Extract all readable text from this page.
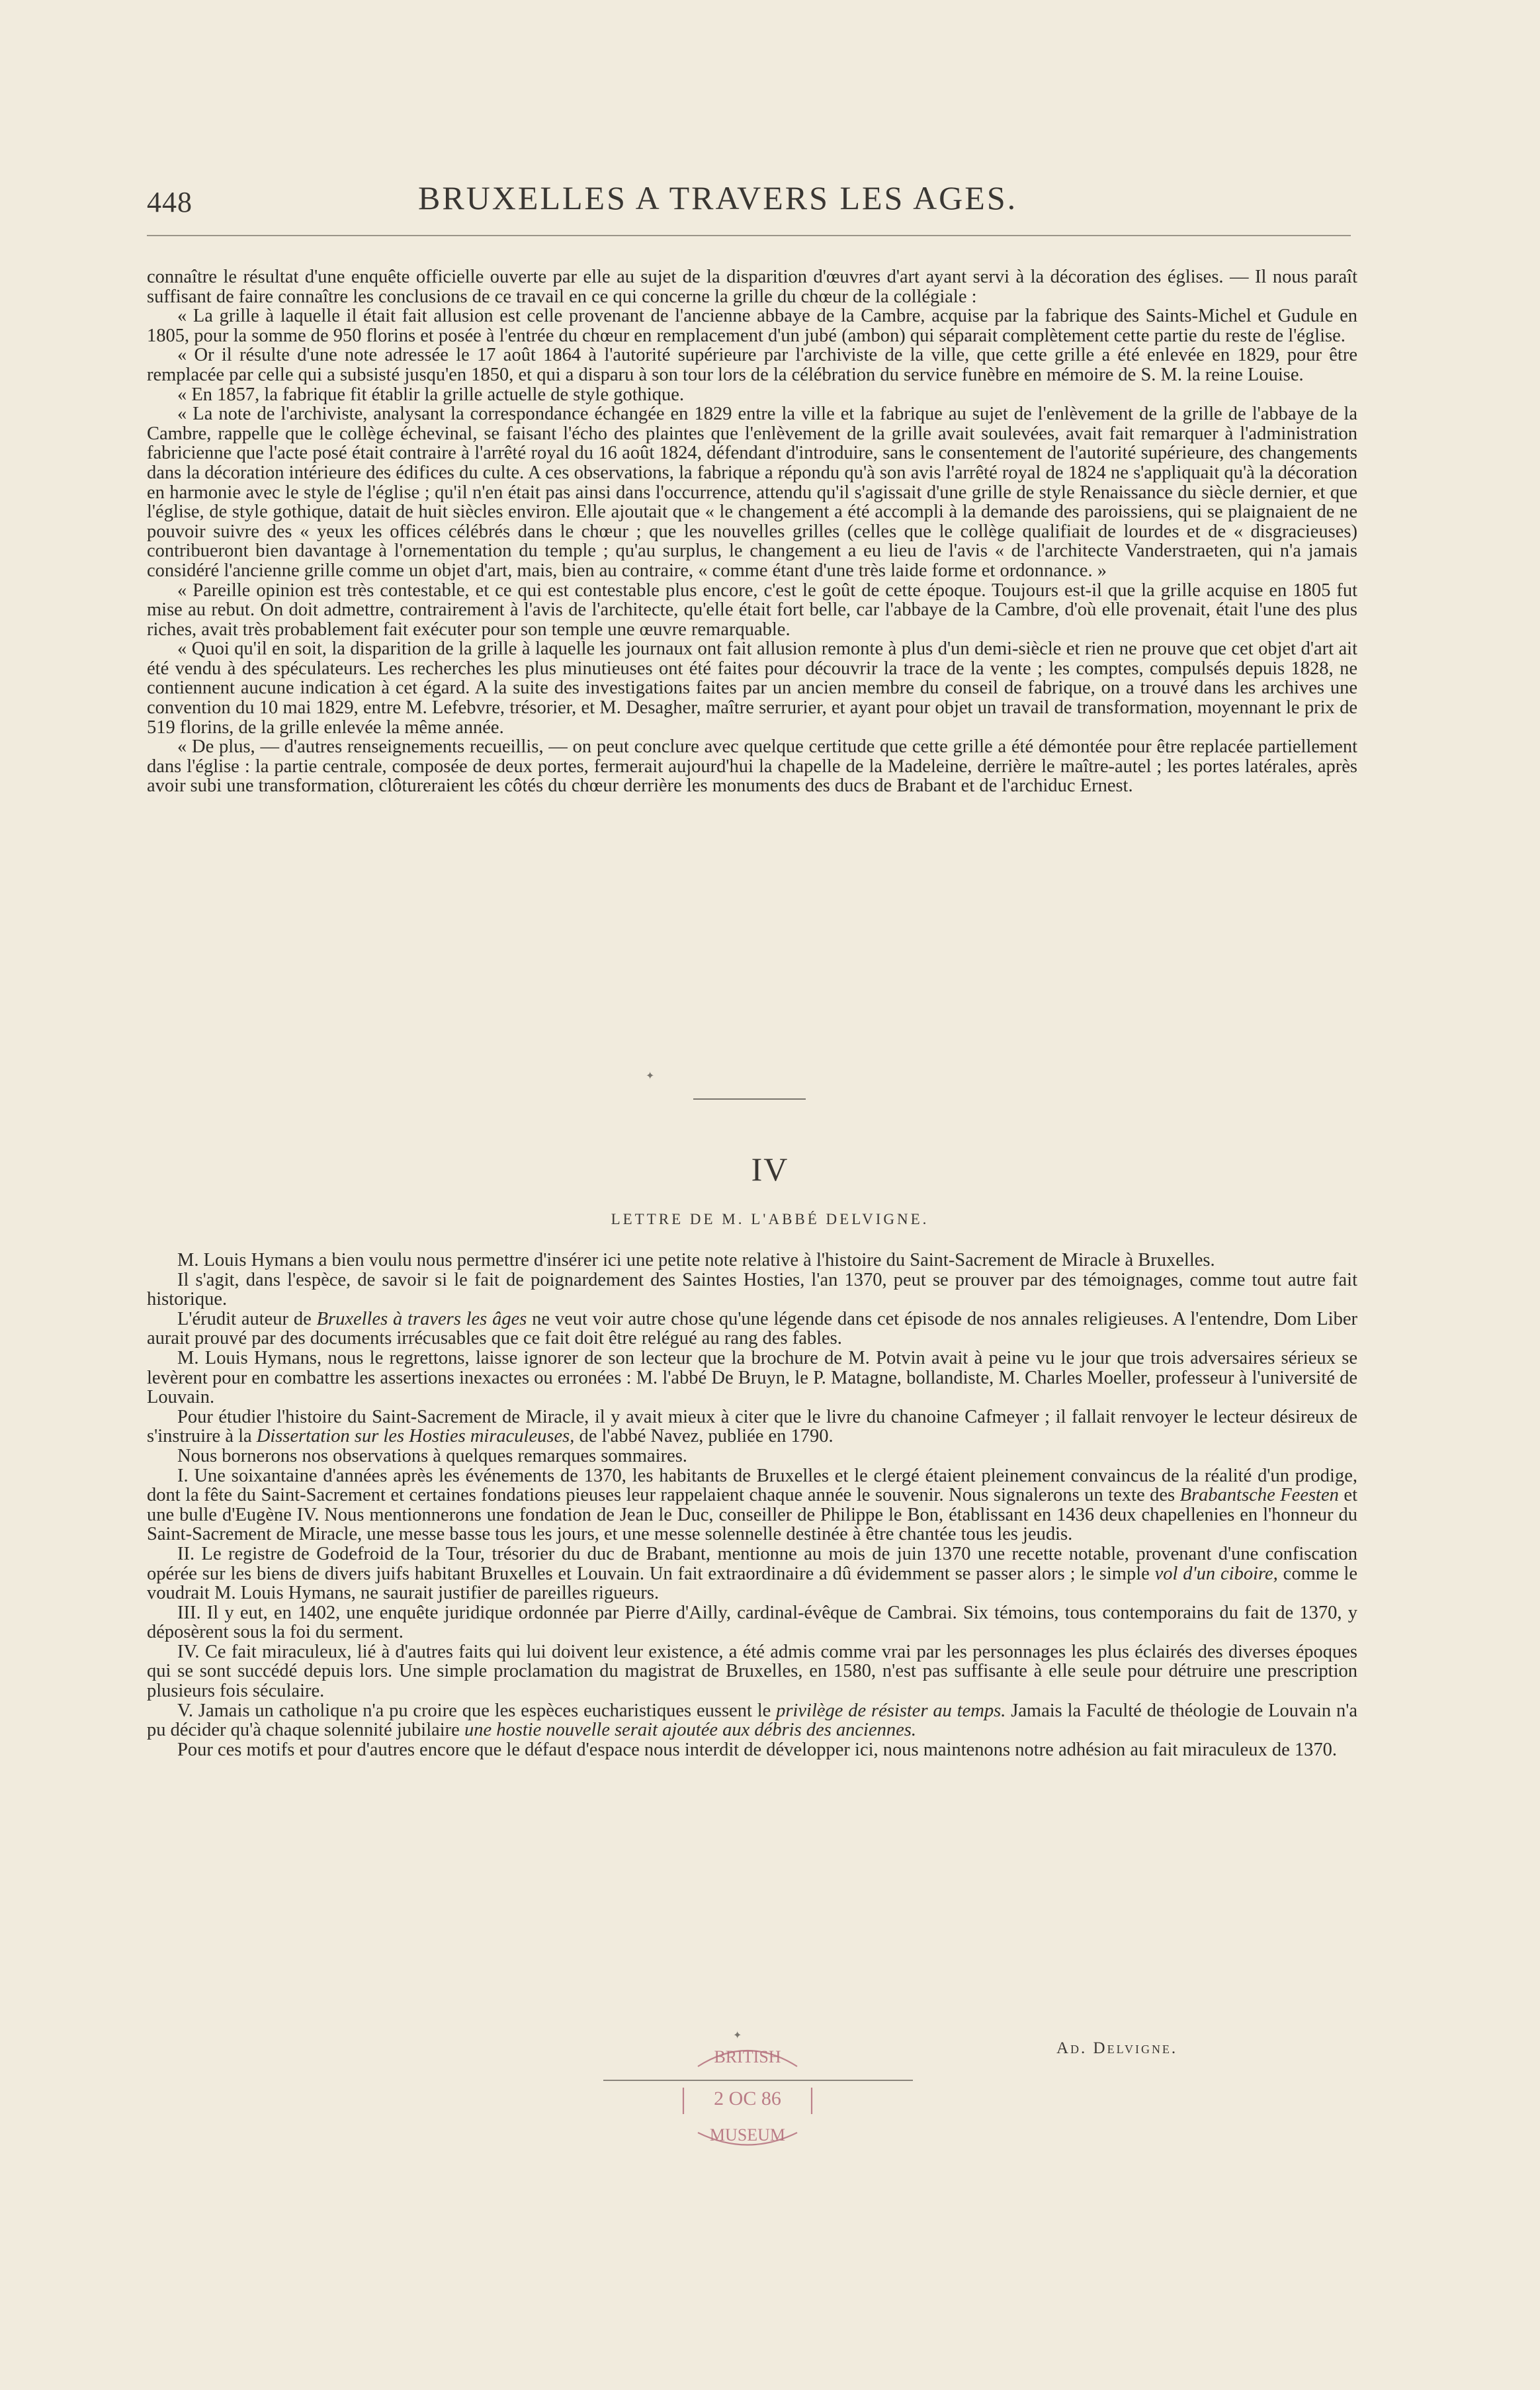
448	BRUXELLES A TRAVERS LES AGES.

connaître le résultat d'une enquête officielle ouverte par elle au sujet de la disparition d'œuvres d'art ayant servi à la décoration des églises. — Il nous paraît suffisant de faire connaître les conclusions de ce travail en ce qui concerne la grille du chœur de la collégiale :

« La grille à laquelle il était fait allusion est celle provenant de l'ancienne abbaye de la Cambre, acquise par la fabrique des Saints-Michel et Gudule en 1805, pour la somme de 950 florins et posée à l'entrée du chœur en remplacement d'un jubé (ambon) qui séparait complètement cette partie du reste de l'église.

« Or il résulte d'une note adressée le 17 août 1864 à l'autorité supérieure par l'archiviste de la ville, que cette grille a été enlevée en 1829, pour être remplacée par celle qui a subsisté jusqu'en 1850, et qui a disparu à son tour lors de la célébration du service funèbre en mémoire de S. M. la reine Louise.

« En 1857, la fabrique fit établir la grille actuelle de style gothique.

« La note de l'archiviste, analysant la correspondance échangée en 1829 entre la ville et la fabrique au sujet de l'enlèvement de la grille de l'abbaye de la Cambre, rappelle que le collège échevinal, se faisant l'écho des plaintes que l'enlèvement de la grille avait soulevées, avait fait remarquer à l'administration fabricienne que l'acte posé était contraire à l'arrêté royal du 16 août 1824, défendant d'introduire, sans le consentement de l'autorité supérieure, des changements dans la décoration intérieure des édifices du culte. A ces observations, la fabrique a répondu qu'à son avis l'arrêté royal de 1824 ne s'appliquait qu'à la décoration en harmonie avec le style de l'église ; qu'il n'en était pas ainsi dans l'occurrence, attendu qu'il s'agissait d'une grille de style Renaissance du siècle dernier, et que l'église, de style gothique, datait de huit siècles environ. Elle ajoutait que « le changement a été accompli à la demande des paroissiens, qui se plaignaient de ne pouvoir suivre des « yeux les offices célébrés dans le chœur ; que les nouvelles grilles (celles que le collège qualifiait de lourdes et de « disgracieuses) contribueront bien davantage à l'ornementation du temple ; qu'au surplus, le changement a eu lieu de l'avis « de l'architecte Vanderstraeten, qui n'a jamais considéré l'ancienne grille comme un objet d'art, mais, bien au contraire, « comme étant d'une très laide forme et ordonnance. »

« Pareille opinion est très contestable, et ce qui est contestable plus encore, c'est le goût de cette époque. Toujours est-il que la grille acquise en 1805 fut mise au rebut. On doit admettre, contrairement à l'avis de l'architecte, qu'elle était fort belle, car l'abbaye de la Cambre, d'où elle provenait, était l'une des plus riches, avait très probablement fait exécuter pour son temple une œuvre remarquable.

« Quoi qu'il en soit, la disparition de la grille à laquelle les journaux ont fait allusion remonte à plus d'un demi-siècle et rien ne prouve que cet objet d'art ait été vendu à des spéculateurs. Les recherches les plus minutieuses ont été faites pour découvrir la trace de la vente ; les comptes, compulsés depuis 1828, ne contiennent aucune indication à cet égard. A la suite des investigations faites par un ancien membre du conseil de fabrique, on a trouvé dans les archives une convention du 10 mai 1829, entre M. Lefebvre, trésorier, et M. Desagher, maître serrurier, et ayant pour objet un travail de transformation, moyennant le prix de 519 florins, de la grille enlevée la même année.

« De plus, — d'autres renseignements recueillis, — on peut conclure avec quelque certitude que cette grille a été démontée pour être replacée partiellement dans l'église : la partie centrale, composée de deux portes, fermerait aujourd'hui la chapelle de la Madeleine, derrière le maître-autel ; les portes latérales, après avoir subi une transformation, clôtureraient les côtés du chœur derrière les monuments des ducs de Brabant et de l'archiduc Ernest.

✦
IV
LETTRE DE M. L'ABBÉ DELVIGNE.

M. Louis Hymans a bien voulu nous permettre d'insérer ici une petite note relative à l'histoire du Saint-Sacrement de Miracle à Bruxelles.

Il s'agit, dans l'espèce, de savoir si le fait de poignardement des Saintes Hosties, l'an 1370, peut se prouver par des témoignages, comme tout autre fait historique.

L'érudit auteur de Bruxelles à travers les âges ne veut voir autre chose qu'une légende dans cet épisode de nos annales religieuses. A l'entendre, Dom Liber aurait prouvé par des documents irrécusables que ce fait doit être relégué au rang des fables.

M. Louis Hymans, nous le regrettons, laisse ignorer de son lecteur que la brochure de M. Potvin avait à peine vu le jour que trois adversaires sérieux se levèrent pour en combattre les assertions inexactes ou erronées : M. l'abbé De Bruyn, le P. Matagne, bollandiste, M. Charles Moeller, professeur à l'université de Louvain.

Pour étudier l'histoire du Saint-Sacrement de Miracle, il y avait mieux à citer que le livre du chanoine Cafmeyer ; il fallait renvoyer le lecteur désireux de s'instruire à la Dissertation sur les Hosties miraculeuses, de l'abbé Navez, publiée en 1790.

Nous bornerons nos observations à quelques remarques sommaires.

I. Une soixantaine d'années après les événements de 1370, les habitants de Bruxelles et le clergé étaient pleinement convaincus de la réalité d'un prodige, dont la fête du Saint-Sacrement et certaines fondations pieuses leur rappelaient chaque année le souvenir. Nous signalerons un texte des Brabantsche Feesten et une bulle d'Eugène IV. Nous mentionnerons une fondation de Jean le Duc, conseiller de Philippe le Bon, établissant en 1436 deux chapellenies en l'honneur du Saint-Sacrement de Miracle, une messe basse tous les jours, et une messe solennelle destinée à être chantée tous les jeudis.

II. Le registre de Godefroid de la Tour, trésorier du duc de Brabant, mentionne au mois de juin 1370 une recette notable, provenant d'une confiscation opérée sur les biens de divers juifs habitant Bruxelles et Louvain. Un fait extraordinaire a dû évidemment se passer alors ; le simple vol d'un ciboire, comme le voudrait M. Louis Hymans, ne saurait justifier de pareilles rigueurs.

III. Il y eut, en 1402, une enquête juridique ordonnée par Pierre d'Ailly, cardinal-évêque de Cambrai. Six témoins, tous contemporains du fait de 1370, y déposèrent sous la foi du serment.

IV. Ce fait miraculeux, lié à d'autres faits qui lui doivent leur existence, a été admis comme vrai par les personnages les plus éclairés des diverses époques qui se sont succédé depuis lors. Une simple proclamation du magistrat de Bruxelles, en 1580, n'est pas suffisante à elle seule pour détruire une prescription plusieurs fois séculaire.

V. Jamais un catholique n'a pu croire que les espèces eucharistiques eussent le privilège de résister au temps. Jamais la Faculté de théologie de Louvain n'a pu décider qu'à chaque solennité jubilaire une hostie nouvelle serait ajoutée aux débris des anciennes.

Pour ces motifs et pour d'autres encore que le défaut d'espace nous interdit de développer ici, nous maintenons notre adhésion au fait miraculeux de 1370.

✦
Ad. Delvigne.
BRITISH
2 OC 86
MUSEUM
